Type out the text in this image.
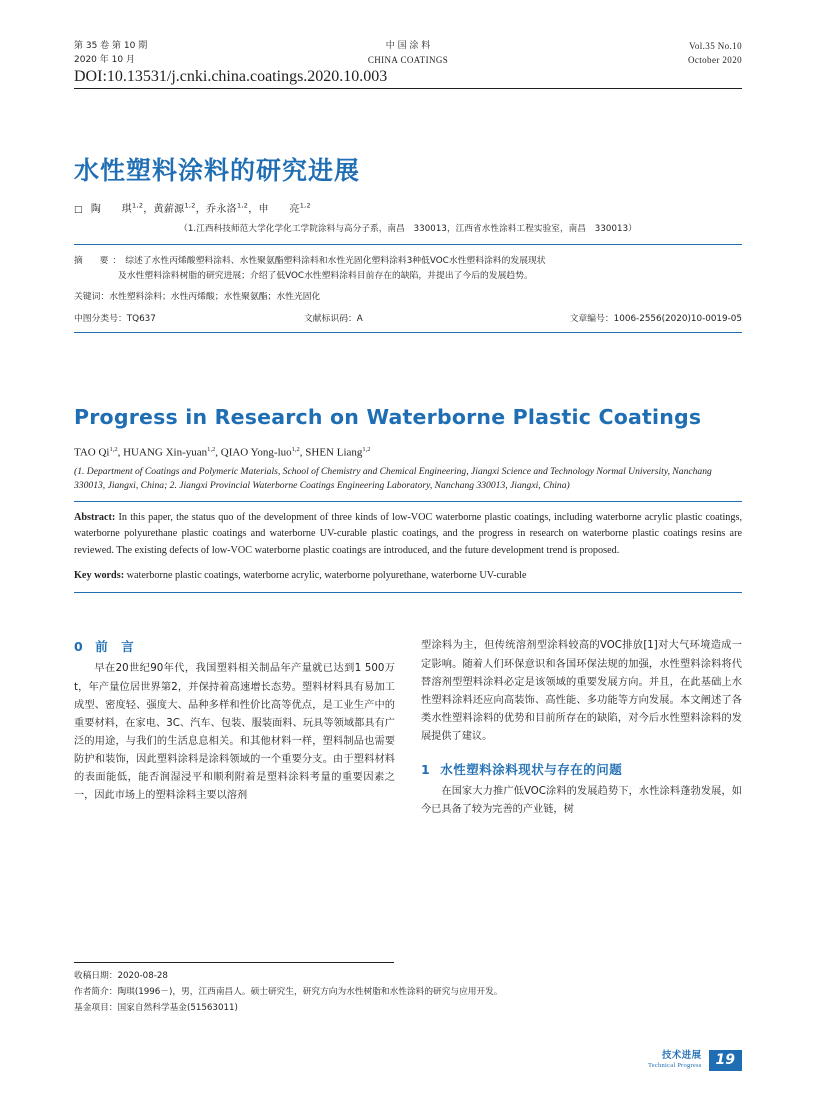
第 35 卷 第 10 期
2020 年 10 月
中 国 涂 料
CHINA COATINGS
Vol.35 No.10
October 2020
DOI:10.13531/j.cnki.china.coatings.2020.10.003
水性塑料涂料的研究进展
□ 陶　　琪$^{1,2}$，黄薪源$^{1,2}$，乔永洛$^{1,2}$，申　　亮$^{1,2}$
（1.江西科技师范大学化学化工学院涂料与高分子系，南昌　330013，江西省水性涂料工程实验室，南昌　330013）
摘　要：综述了水性丙烯酸塑料涂料、水性聚氨酯塑料涂料和水性光固化塑料涂料3种低VOC水性塑料涂料的发展现状
及水性塑料涂料树脂的研究进展；介绍了低VOC水性塑料涂料目前存在的缺陷，并提出了今后的发展趋势。
关键词：水性塑料涂料；水性丙烯酸；水性聚氨酯；水性光固化
中图分类号：TQ637	文献标识码：A	文章编号：1006-2556(2020)10-0019-05
Progress in Research on Waterborne Plastic Coatings
TAO Qi$^{1,2}$, HUANG Xin-yuan$^{1,2}$, QIAO Yong-luo$^{1,2}$, SHEN Liang$^{1,2}$
(1. Department of Coatings and Polymeric Materials, School of Chemistry and Chemical Engineering, Jiangxi Science and Technology Normal University, Nanchang 330013, Jiangxi, China; 2. Jiangxi Provincial Waterborne Coatings Engineering Laboratory, Nanchang 330013, Jiangxi, China)
Abstract: In this paper, the status quo of the development of three kinds of low-VOC waterborne plastic coatings, including waterborne acrylic plastic coatings, waterborne polyurethane plastic coatings and waterborne UV-curable plastic coatings, and the progress in research on waterborne plastic coatings resins are reviewed. The existing defects of low-VOC waterborne plastic coatings are introduced, and the future development trend is proposed.
Key words: waterborne plastic coatings, waterborne acrylic, waterborne polyurethane, waterborne UV-curable
0 前　言
早在20世纪90年代，我国塑料相关制品年产量就已达到1 500万t，年产量位居世界第2，并保持着高速增长态势。塑料材料具有易加工成型、密度轻、强度大、品种多样和性价比高等优点，是工业生产中的重要材料，在家电、3C、汽车、包装、服装面料、玩具等领域都具有广泛的用途，与我们的生活息息相关。和其他材料一样，塑料制品也需要防护和装饰，因此塑料涂料是涂料领域的一个重要分支。由于塑料材料的表面能低，能否润湿浸平和顺利附着是塑料涂料考量的重要因素之一，因此市场上的塑料涂料主要以溶剂
型涂料为主，但传统溶剂型涂料较高的VOC排放[1]对大气环境造成一定影响。随着人们环保意识和各国环保法规的加强，水性塑料涂料将代替溶剂型塑料涂料必定是该领域的重要发展方向。并且，在此基础上水性塑料涂料还应向高装饰、高性能、多功能等方向发展。本文阐述了各类水性塑料涂料的优势和目前所存在的缺陷，对今后水性塑料涂料的发展提供了建议。
1 水性塑料涂料现状与存在的问题
在国家大力推广低VOC涂料的发展趋势下，水性涂料蓬勃发展，如今已具备了较为完善的产业链，树
收稿日期：2020-08-28
作者简介：陶琪(1996－)，男，江西南昌人。硕士研究生，研究方向为水性树脂和水性涂料的研究与应用开发。
基金项目：国家自然科学基金(51563011)
技术进展
Technical Progress	19
